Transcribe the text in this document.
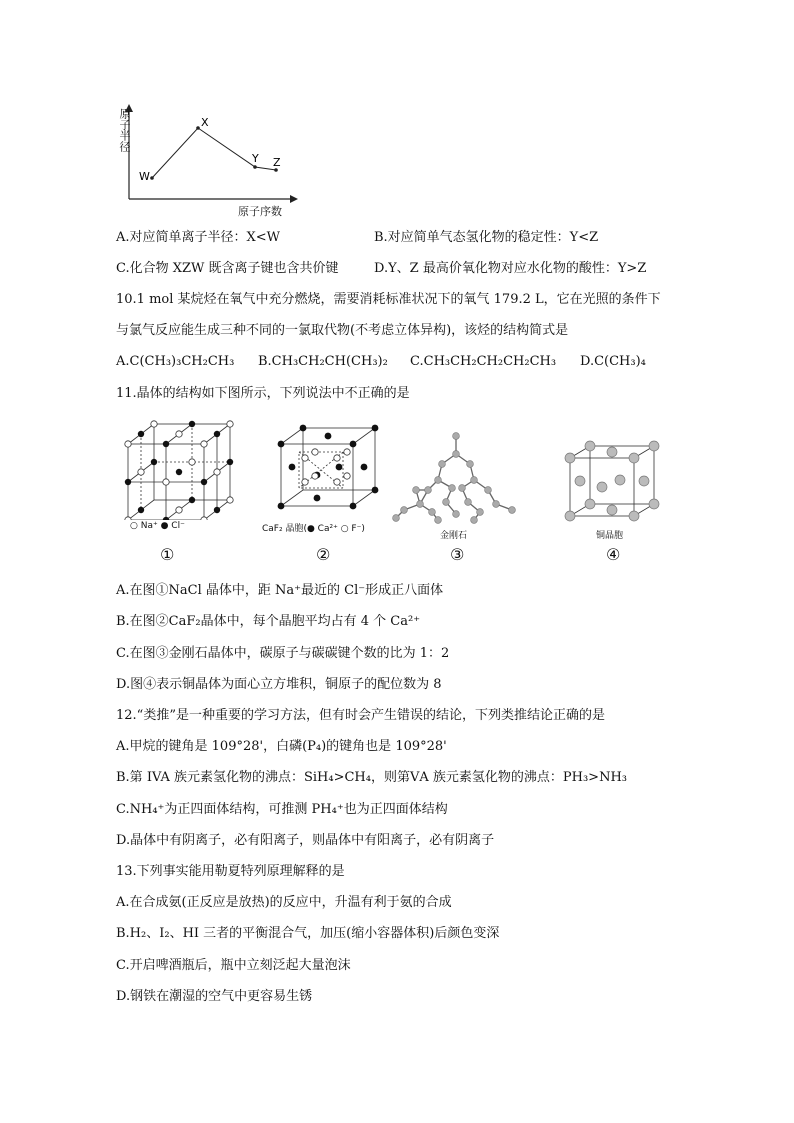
W
X
Y Z
原子半径
原子序数
A.对应简单离子半径：X<W	B.对应简单气态氢化物的稳定性：Y<Z
C.化合物 XZW 既含离子键也含共价键	D.Y、Z 最高价氧化物对应水化物的酸性：Y>Z
10.1 mol 某烷烃在氧气中充分燃烧，需要消耗标准状况下的氧气 179.2 L，它在光照的条件下
与氯气反应能生成三种不同的一氯取代物(不考虑立体异构)，该烃的结构简式是
A.C(CH₃)₃CH₂CH₃ B.CH₃CH₂CH(CH₃)₂ C.CH₃CH₂CH₂CH₂CH₃ D.C(CH₃)₄
11.晶体的结构如下图所示，下列说法中不正确的是
○ Na⁺ ● Cl⁻
①
CaF₂ 晶胞(● Ca²⁺ ○ F⁻)
②
金刚石
③
铜晶胞
④
A.在图①NaCl 晶体中，距 Na⁺最近的 Cl⁻形成正八面体
B.在图②CaF₂晶体中，每个晶胞平均占有 4 个 Ca²⁺
C.在图③金刚石晶体中，碳原子与碳碳键个数的比为 1：2
D.图④表示铜晶体为面心立方堆积，铜原子的配位数为 8
12.“类推”是一种重要的学习方法，但有时会产生错误的结论，下列类推结论正确的是
A.甲烷的键角是 109°28'，白磷(P₄)的键角也是 109°28'
B.第 IVA 族元素氢化物的沸点：SiH₄>CH₄，则第ⅤA 族元素氢化物的沸点：PH₃>NH₃
C.NH₄⁺为正四面体结构，可推测 PH₄⁺也为正四面体结构
D.晶体中有阴离子，必有阳离子，则晶体中有阳离子，必有阴离子
13.下列事实能用勒夏特列原理解释的是
A.在合成氨(正反应是放热)的反应中，升温有利于氨的合成
B.H₂、I₂、HI 三者的平衡混合气，加压(缩小容器体积)后颜色变深
C.开启啤酒瓶后，瓶中立刻泛起大量泡沫
D.钢铁在潮湿的空气中更容易生锈
